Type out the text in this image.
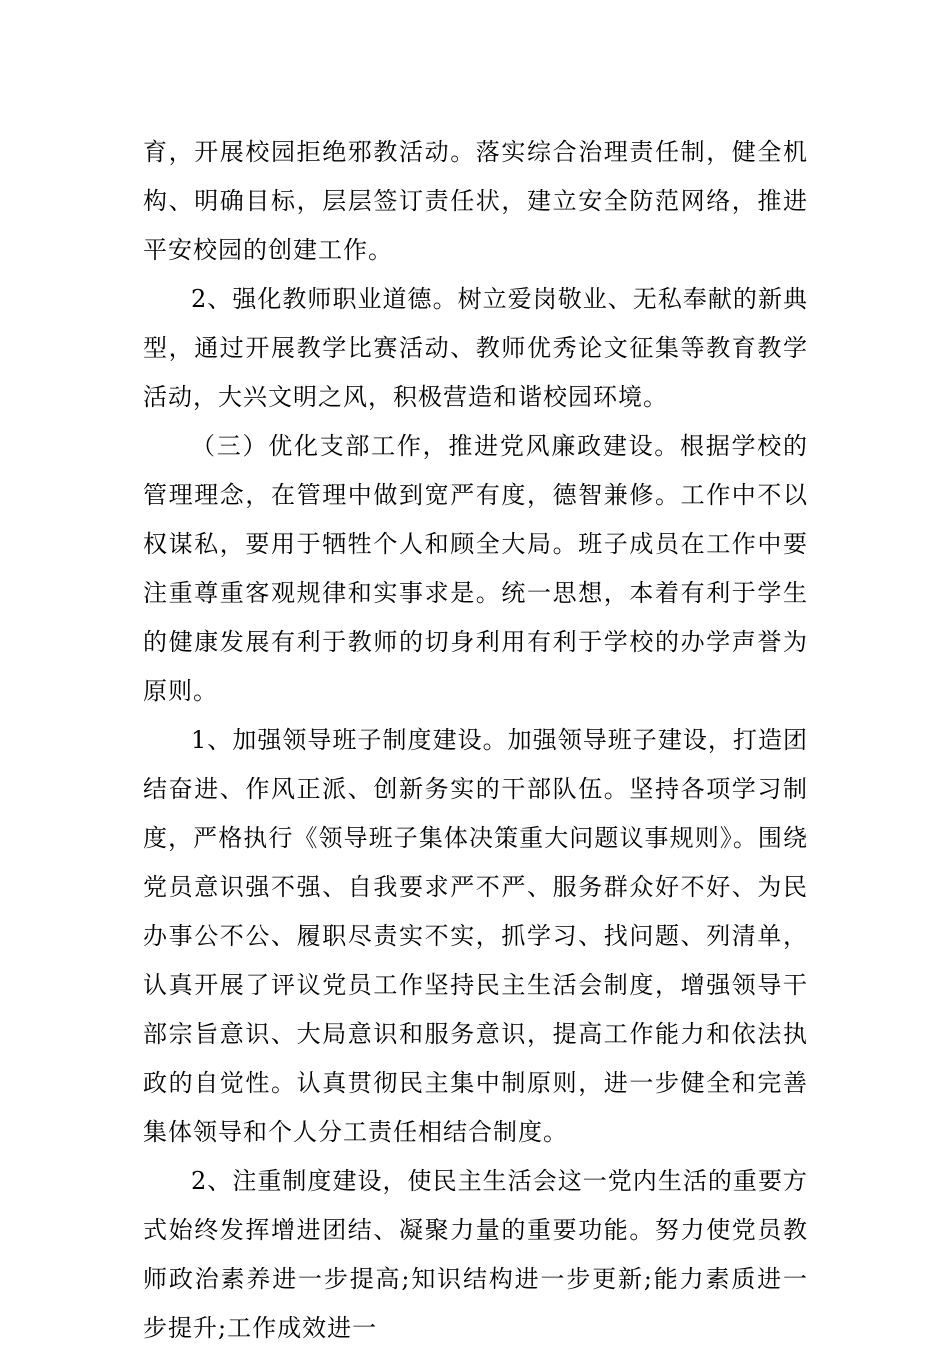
育，开展校园拒绝邪教活动。落实综合治理责任制，健全机构、明确目标，层层签订责任状，建立安全防范网络，推进平安校园的创建工作。

2、强化教师职业道德。树立爱岗敬业、无私奉献的新典型，通过开展教学比赛活动、教师优秀论文征集等教育教学活动，大兴文明之风，积极营造和谐校园环境。

（三）优化支部工作，推进党风廉政建设。根据学校的管理理念，在管理中做到宽严有度，德智兼修。工作中不以权谋私，要用于牺牲个人和顾全大局。班子成员在工作中要注重尊重客观规律和实事求是。统一思想，本着有利于学生的健康发展有利于教师的切身利用有利于学校的办学声誉为原则。

1、加强领导班子制度建设。加强领导班子建设，打造团结奋进、作风正派、创新务实的干部队伍。坚持各项学习制度，严格执行《领导班子集体决策重大问题议事规则》。围绕党员意识强不强、自我要求严不严、服务群众好不好、为民办事公不公、履职尽责实不实，抓学习、找问题、列清单，认真开展了评议党员工作坚持民主生活会制度，增强领导干部宗旨意识、大局意识和服务意识，提高工作能力和依法执政的自觉性。认真贯彻民主集中制原则，进一步健全和完善集体领导和个人分工责任相结合制度。

2、注重制度建设，使民主生活会这一党内生活的重要方式始终发挥增进团结、凝聚力量的重要功能。努力使党员教师政治素养进一步提高;知识结构进一步更新;能力素质进一步提升;工作成效进一
